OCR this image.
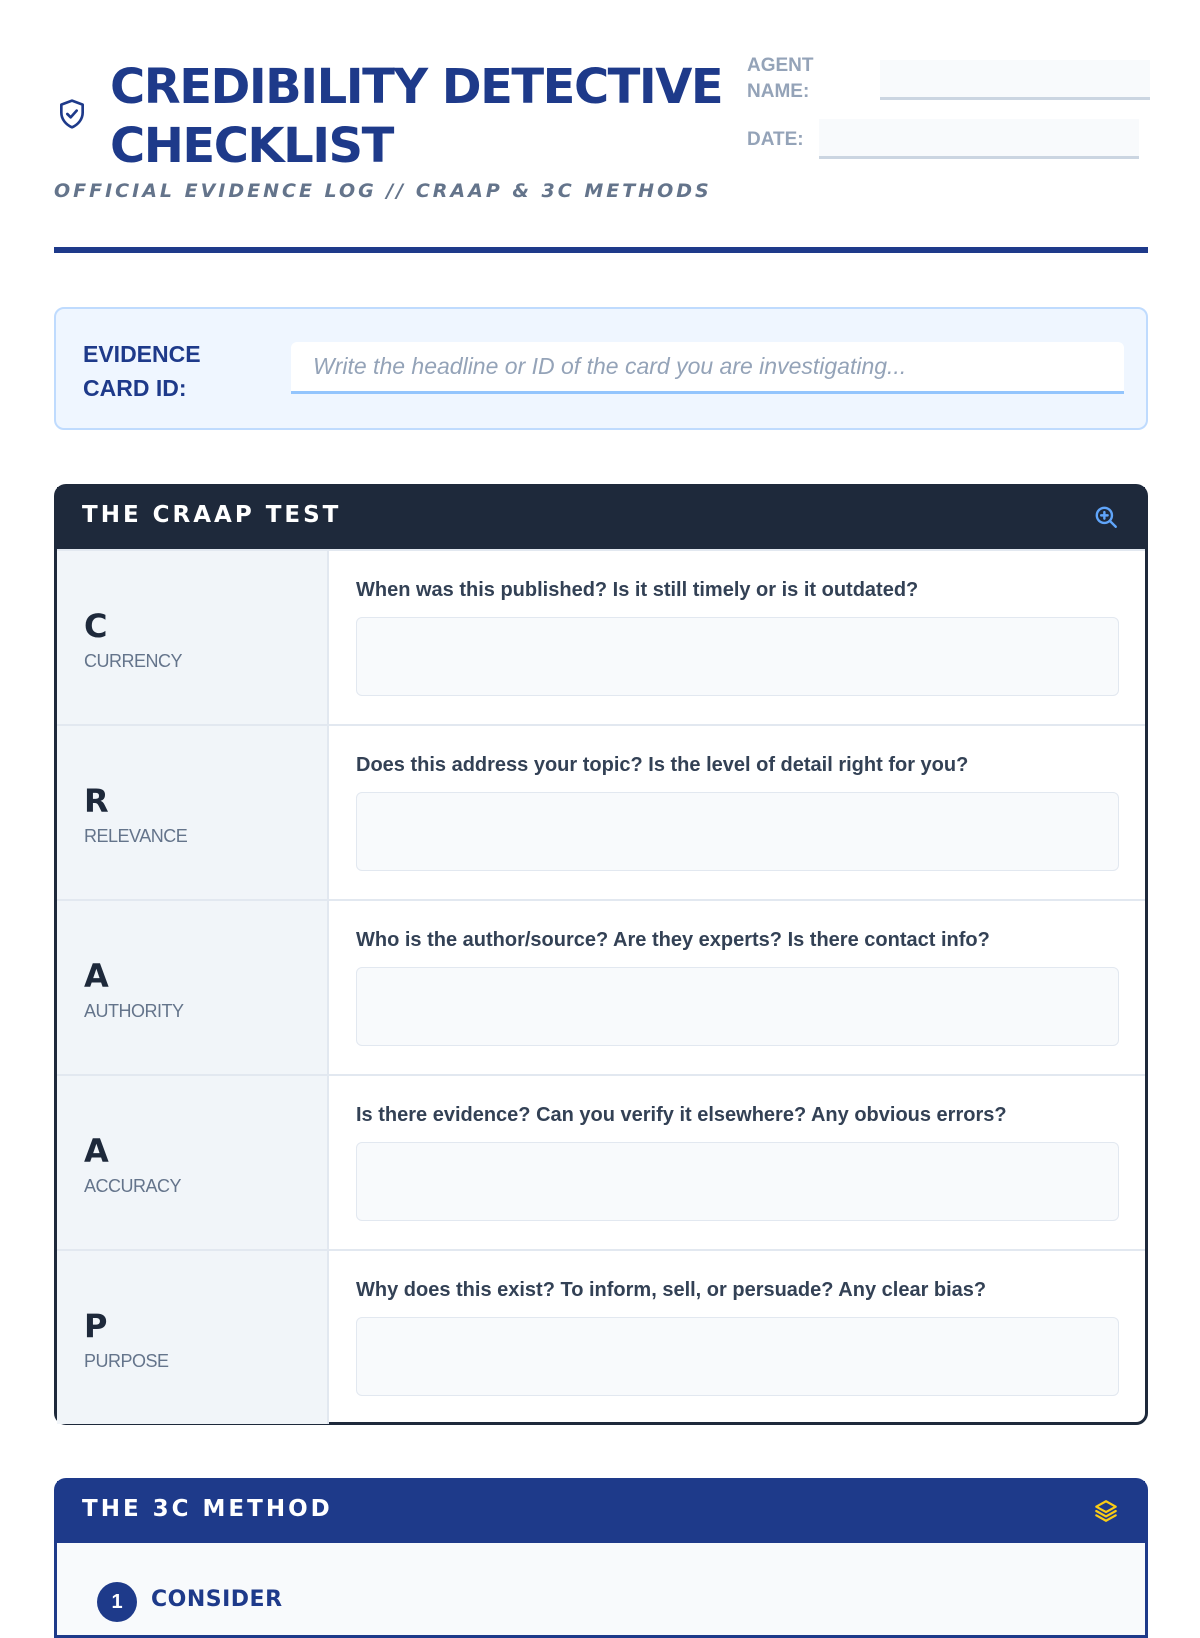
CREDIBILITY DETECTIVE CHECKLIST
OFFICIAL EVIDENCE LOG // CRAAP & 3C METHODS
AGENT
NAME:
DATE:
EVIDENCE
CARD ID:
Write the headline or ID of the card you are investigating...
THE CRAAP TEST
C
CURRENCY
When was this published? Is it still timely or is it outdated?
R
RELEVANCE
Does this address your topic? Is the level of detail right for you?
A
AUTHORITY
Who is the author/source? Are they experts? Is there contact info?
A
ACCURACY
Is there evidence? Can you verify it elsewhere? Any obvious errors?
P
PURPOSE
Why does this exist? To inform, sell, or persuade? Any clear bias?
THE 3C METHOD
1	CONSIDER
